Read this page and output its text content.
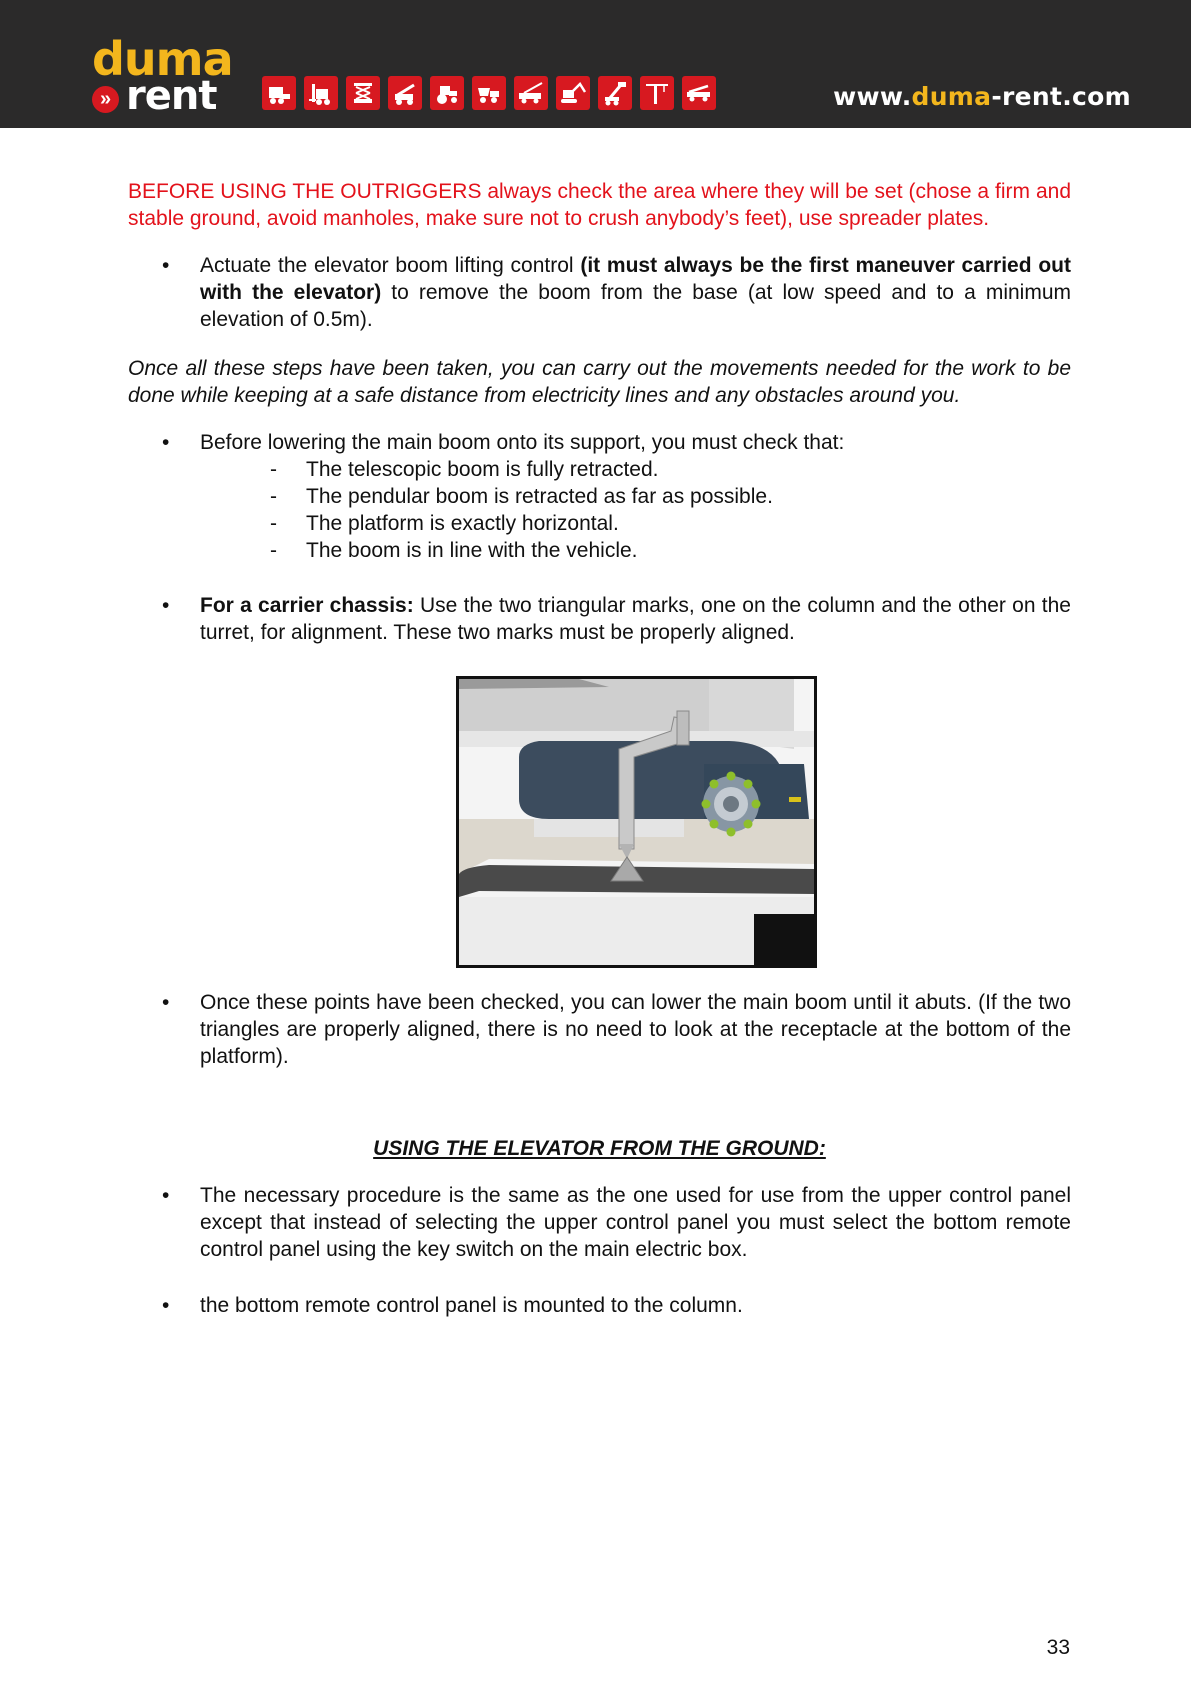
duma
» rent	www.duma-rent.com

BEFORE USING THE OUTRIGGERS always check the area where they will be set (chose a firm and stable ground, avoid manholes, make sure not to crush anybody’s feet), use spreader plates.

• Actuate the elevator boom lifting control (it must always be the first maneuver carried out with the elevator) to remove the boom from the base (at low speed and to a minimum elevation of 0.5m).

Once all these steps have been taken, you can carry out the movements needed for the work to be done while keeping at a safe distance from electricity lines and any obstacles around you.

• Before lowering the main boom onto its support, you must check that:
- The telescopic boom is fully retracted.
- The pendular boom is retracted as far as possible.
- The platform is exactly horizontal.
- The boom is in line with the vehicle.
• For a carrier chassis: Use the two triangular marks, one on the column and the other on the turret, for alignment. These two marks must be properly aligned.
• Once these points have been checked, you can lower the main boom until it abuts. (If the two triangles are properly aligned, there is no need to look at the receptacle at the bottom of the platform).
USING THE ELEVATOR FROM THE GROUND:
• The necessary procedure is the same as the one used for use from the upper control panel except that instead of selecting the upper control panel you must select the bottom remote control panel using the key switch on the main electric box.
• the bottom remote control panel is mounted to the column.
33
